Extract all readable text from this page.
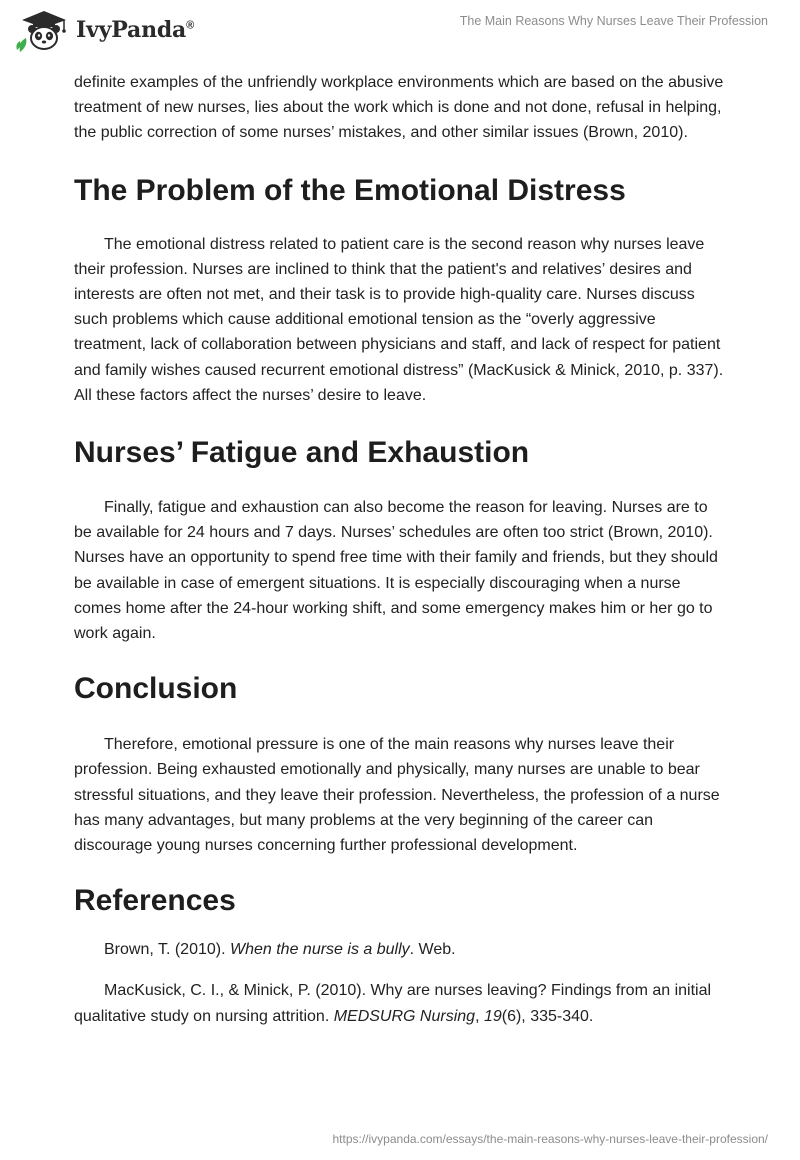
IvyPanda®	The Main Reasons Why Nurses Leave Their Profession

definite examples of the unfriendly workplace environments which are based on the abusive treatment of new nurses, lies about the work which is done and not done, refusal in helping, the public correction of some nurses’ mistakes, and other similar issues (Brown, 2010).

The Problem of the Emotional Distress

The emotional distress related to patient care is the second reason why nurses leave their profession. Nurses are inclined to think that the patient's and relatives’ desires and interests are often not met, and their task is to provide high-quality care. Nurses discuss such problems which cause additional emotional tension as the “overly aggressive treatment, lack of collaboration between physicians and staff, and lack of respect for patient and family wishes caused recurrent emotional distress” (MacKusick & Minick, 2010, p. 337). All these factors affect the nurses’ desire to leave.

Nurses’ Fatigue and Exhaustion

Finally, fatigue and exhaustion can also become the reason for leaving. Nurses are to be available for 24 hours and 7 days. Nurses’ schedules are often too strict (Brown, 2010). Nurses have an opportunity to spend free time with their family and friends, but they should be available in case of emergent situations. It is especially discouraging when a nurse comes home after the 24-hour working shift, and some emergency makes him or her go to work again.

Conclusion

Therefore, emotional pressure is one of the main reasons why nurses leave their profession. Being exhausted emotionally and physically, many nurses are unable to bear stressful situations, and they leave their profession. Nevertheless, the profession of a nurse has many advantages, but many problems at the very beginning of the career can discourage young nurses concerning further professional development.

References

Brown, T. (2010). When the nurse is a bully. Web.

MacKusick, C. I., & Minick, P. (2010). Why are nurses leaving? Findings from an initial qualitative study on nursing attrition. MEDSURG Nursing, 19(6), 335-340.

https://ivypanda.com/essays/the-main-reasons-why-nurses-leave-their-profession/
